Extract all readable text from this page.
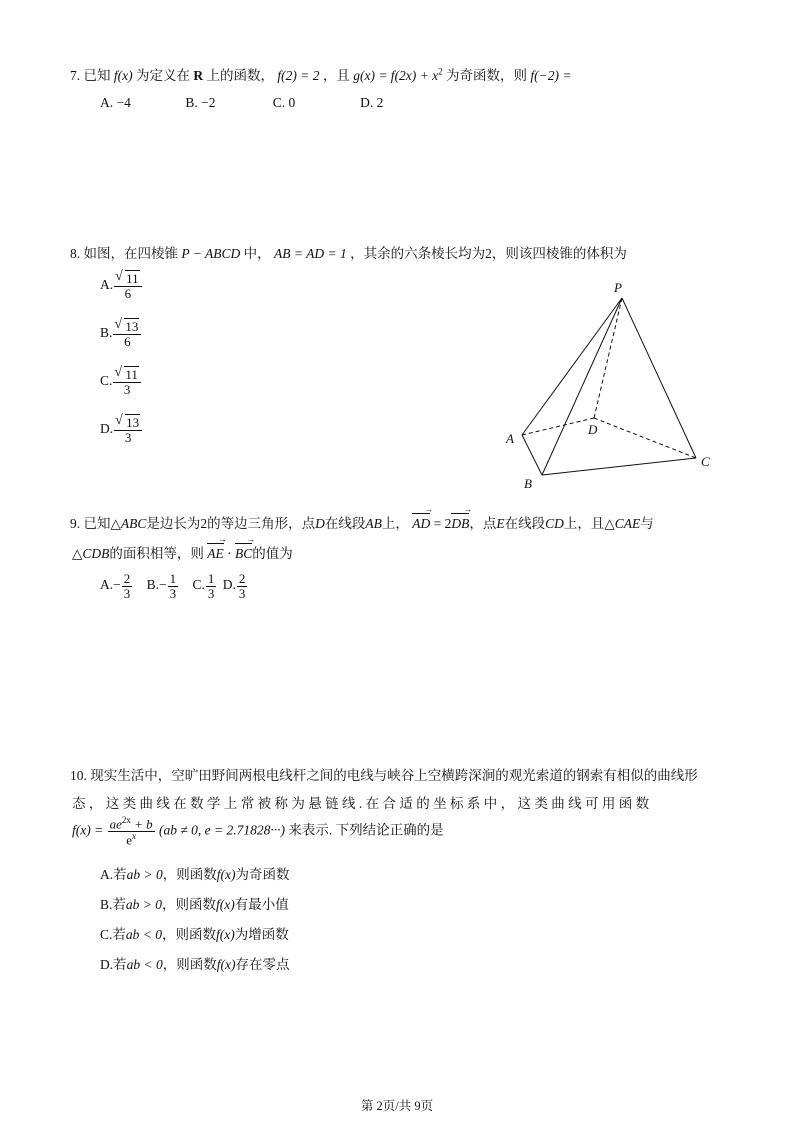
7. 已知 f(x) 为定义在 R 上的函数， f(2) = 2 ，且 $g(x) = f(2x) + x^2$ 为奇函数，则 f(−2) =
A. −4	B. −2	C. 0	D. 2
8. 如图，在四棱锥 P − ABCD 中， AB = AD = 1 ，其余的六条棱长均为2，则该四棱锥的体积为
A. √ $\frac{11}{6}$
B. √ $\frac{13}{6}$
C. √ $\frac{11}{3}$
D. √ $\frac{13}{3}$
P
A
B
C
D
9. 已知△ABC是边长为2的等边三角形，点D在线段AB上， AD → = 2DB →，点E在线段CD上，且△CAE与
△CDB的面积相等，则 AE → · BC →的值为
$A.- \frac{2}{3} B.- \frac{1}{3} C$. $\frac{1}{3} D$. $\frac{2}{3}$
10. 现实生活中，空旷田野间两根电线杆之间的电线与峡谷上空横跨深涧的观光索道的钢索有相似的曲线形
态 ， 这 类 曲 线 在 数 学 上 常 被 称 为 悬 链 线 . 在 合 适 的 坐 标 系 中 ， 这 类 曲 线 可 用 函 数
$f(x) = \frac{ae^{2x} + b}{e^x} (ab \ne 0$, e = 2.71828···) 来表示. 下列结论正确的是
A.若ab > 0，则函数f(x)为奇函数
B.若ab > 0，则函数f(x)有最小值
C.若ab < 0，则函数f(x)为增函数
D.若ab < 0，则函数f(x)存在零点
第 2页/共 9页
